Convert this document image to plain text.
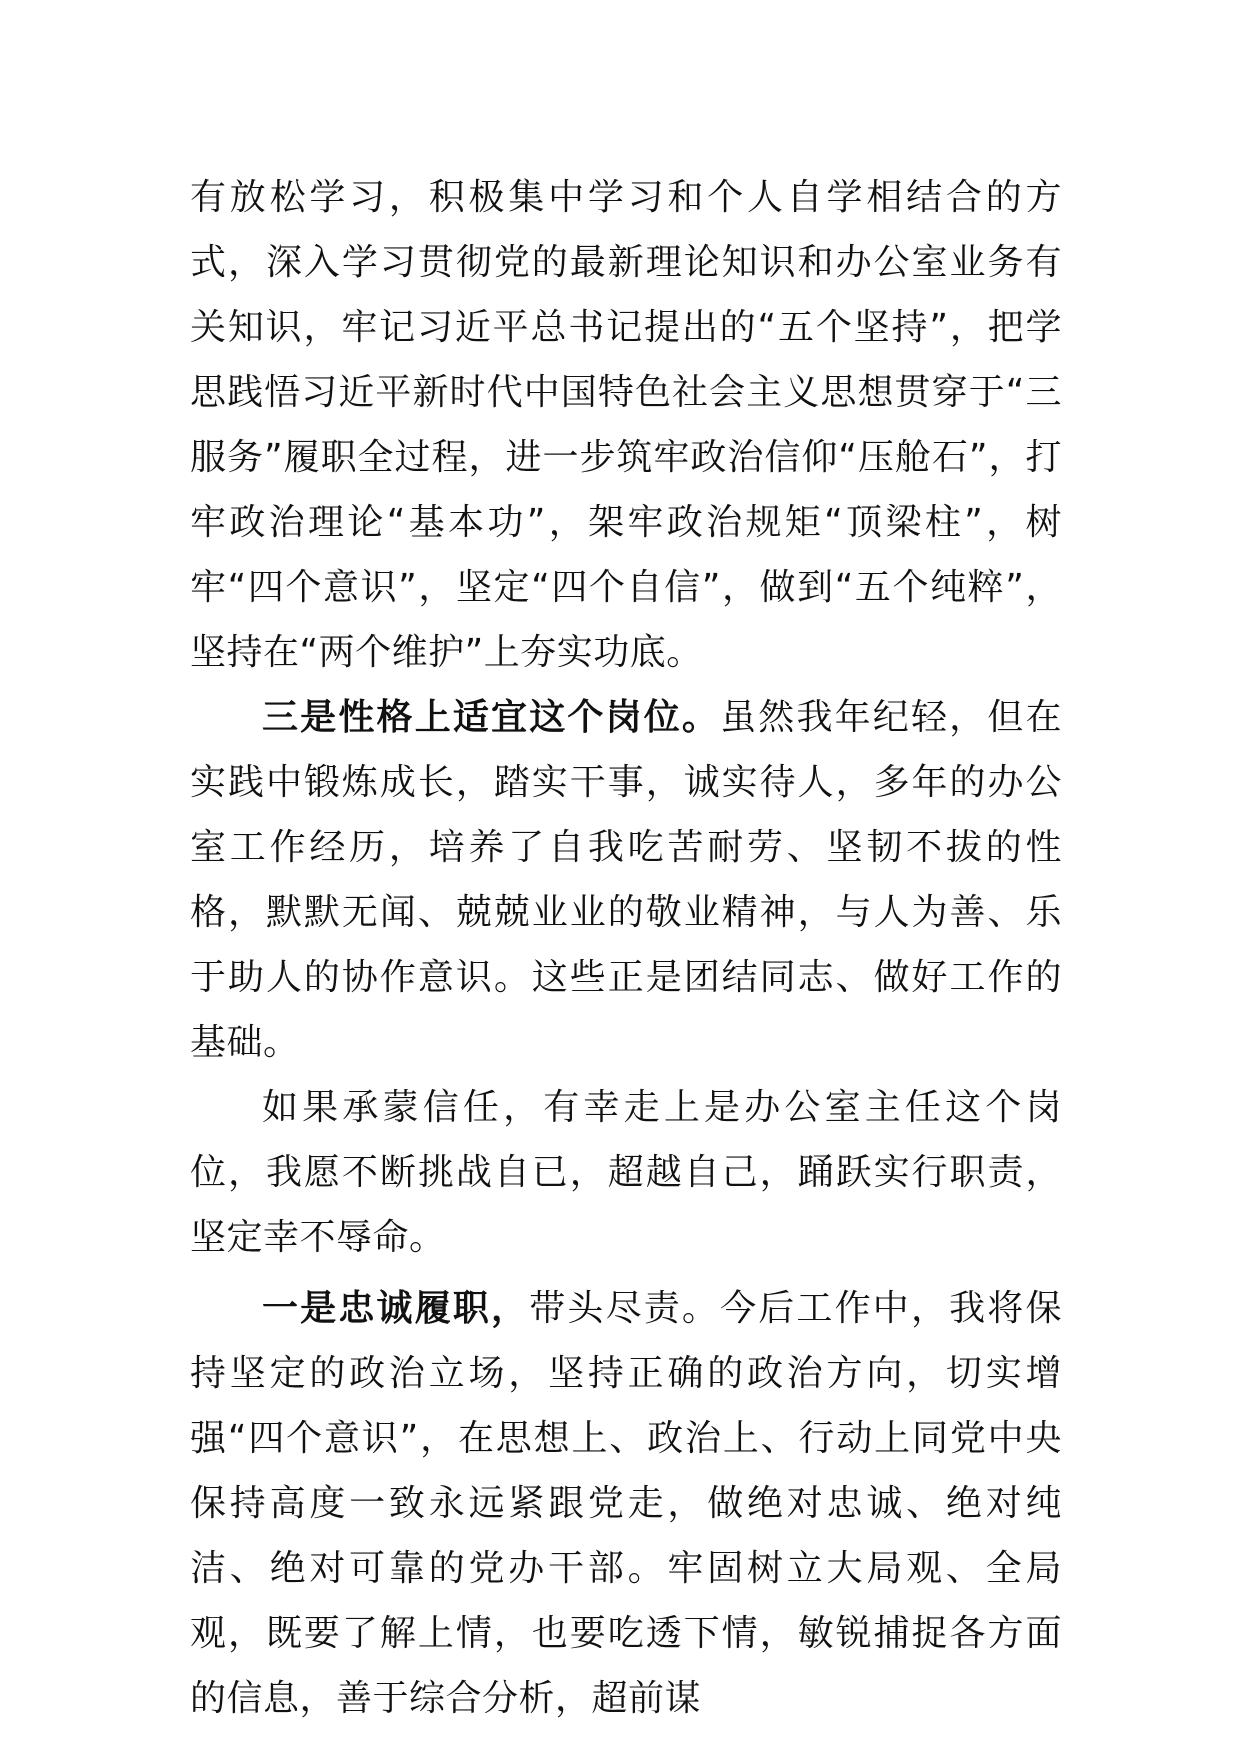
有放松学习，积极集中学习和个人自学相结合的方式，深入学习贯彻党的最新理论知识和办公室业务有关知识，牢记习近平总书记提出的“五个坚持”，把学思践悟习近平新时代中国特色社会主义思想贯穿于“三服务”履职全过程，进一步筑牢政治信仰“压舱石”，打牢政治理论“基本功”，架牢政治规矩“顶梁柱”，树牢“四个意识”，坚定“四个自信”，做到“五个纯粹”，坚持在“两个维护”上夯实功底。

三是性格上适宜这个岗位。虽然我年纪轻，但在实践中锻炼成长，踏实干事，诚实待人，多年的办公室工作经历，培养了自我吃苦耐劳、坚韧不拔的性格，默默无闻、兢兢业业的敬业精神，与人为善、乐于助人的协作意识。这些正是团结同志、做好工作的基础。

如果承蒙信任，有幸走上是办公室主任这个岗位，我愿不断挑战自已，超越自己，踊跃实行职责，坚定幸不辱命。

一是忠诚履职，带头尽责。今后工作中，我将保持坚定的政治立场，坚持正确的政治方向，切实增强“四个意识”，在思想上、政治上、行动上同党中央保持高度一致永远紧跟党走，做绝对忠诚、绝对纯洁、绝对可靠的党办干部。牢固树立大局观、全局观，既要了解上情，也要吃透下情，敏锐捕捉各方面的信息，善于综合分析，超前谋
